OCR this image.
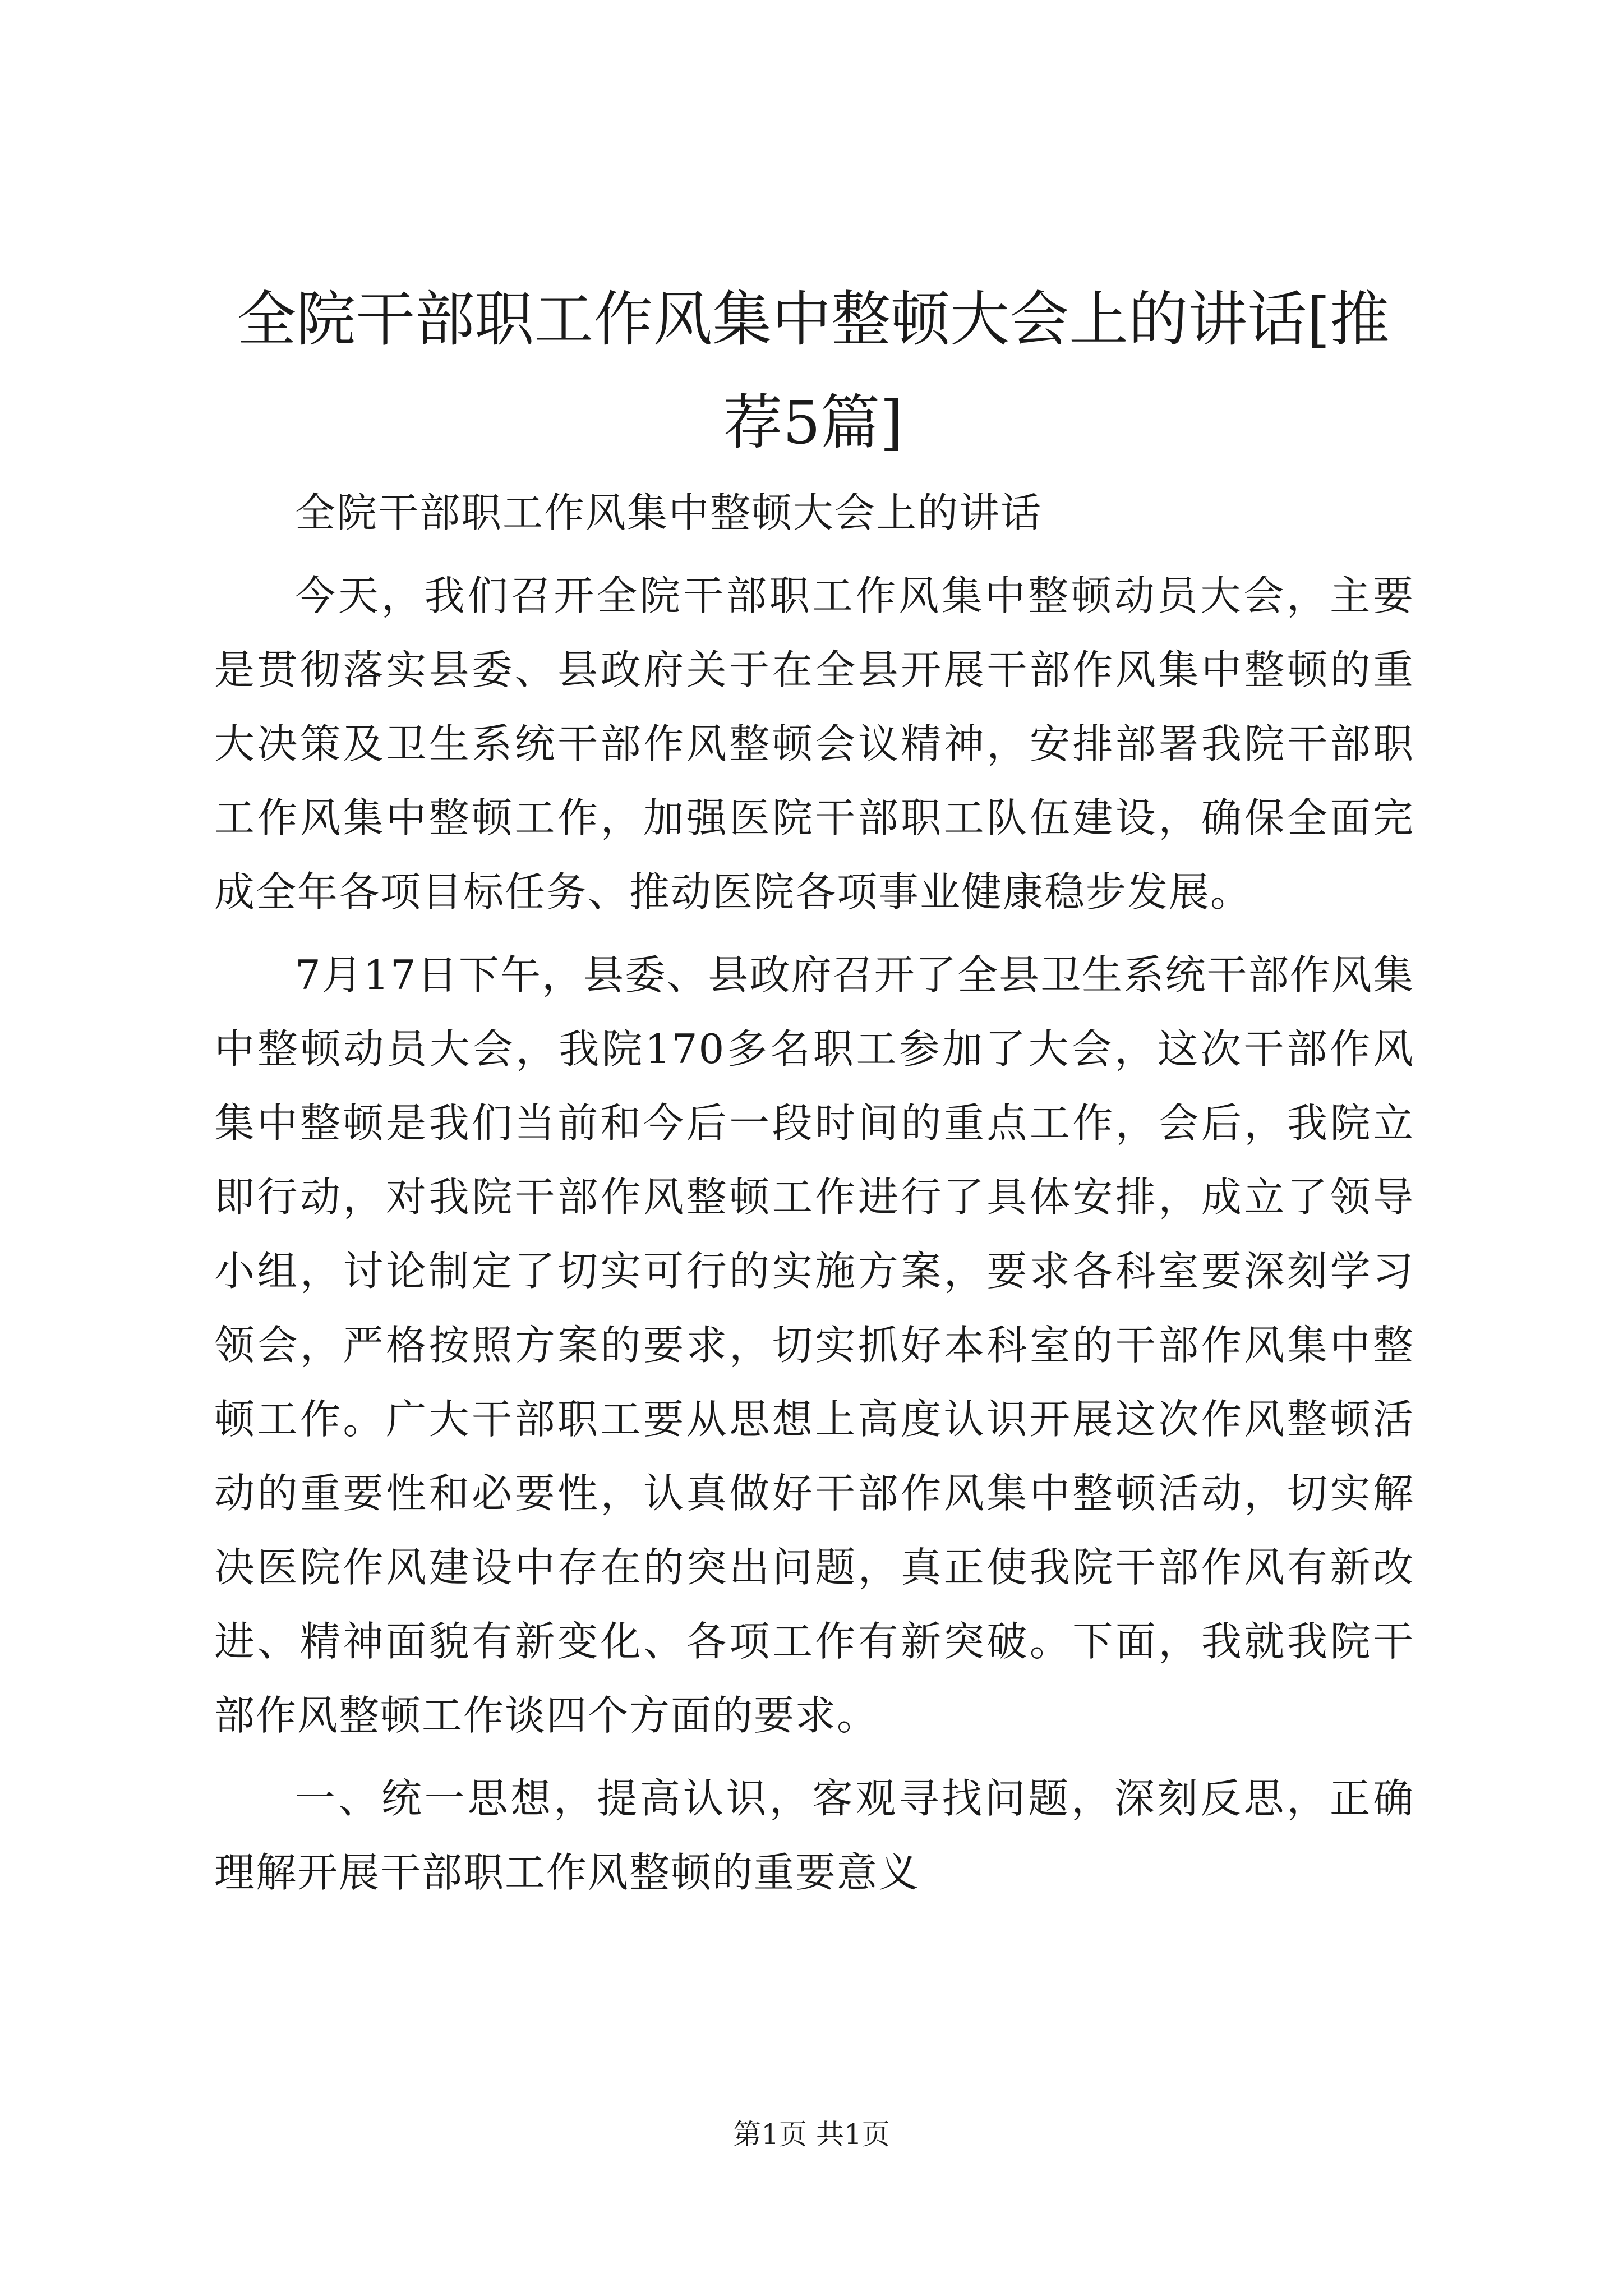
全院干部职工作风集中整顿大会上的讲话[推荐5篇]

全院干部职工作风集中整顿大会上的讲话

今天，我们召开全院干部职工作风集中整顿动员大会，主要是贯彻落实县委、县政府关于在全县开展干部作风集中整顿的重大决策及卫生系统干部作风整顿会议精神，安排部署我院干部职工作风集中整顿工作，加强医院干部职工队伍建设，确保全面完成全年各项目标任务、推动医院各项事业健康稳步发展。

7月17日下午，县委、县政府召开了全县卫生系统干部作风集中整顿动员大会，我院170多名职工参加了大会，这次干部作风集中整顿是我们当前和今后一段时间的重点工作，会后，我院立即行动，对我院干部作风整顿工作进行了具体安排，成立了领导小组，讨论制定了切实可行的实施方案，要求各科室要深刻学习领会，严格按照方案的要求，切实抓好本科室的干部作风集中整顿工作。广大干部职工要从思想上高度认识开展这次作风整顿活动的重要性和必要性，认真做好干部作风集中整顿活动，切实解决医院作风建设中存在的突出问题，真正使我院干部作风有新改进、精神面貌有新变化、各项工作有新突破。下面，我就我院干部作风整顿工作谈四个方面的要求。

一、统一思想，提高认识，客观寻找问题，深刻反思，正确理解开展干部职工作风整顿的重要意义

第1页 共1页
